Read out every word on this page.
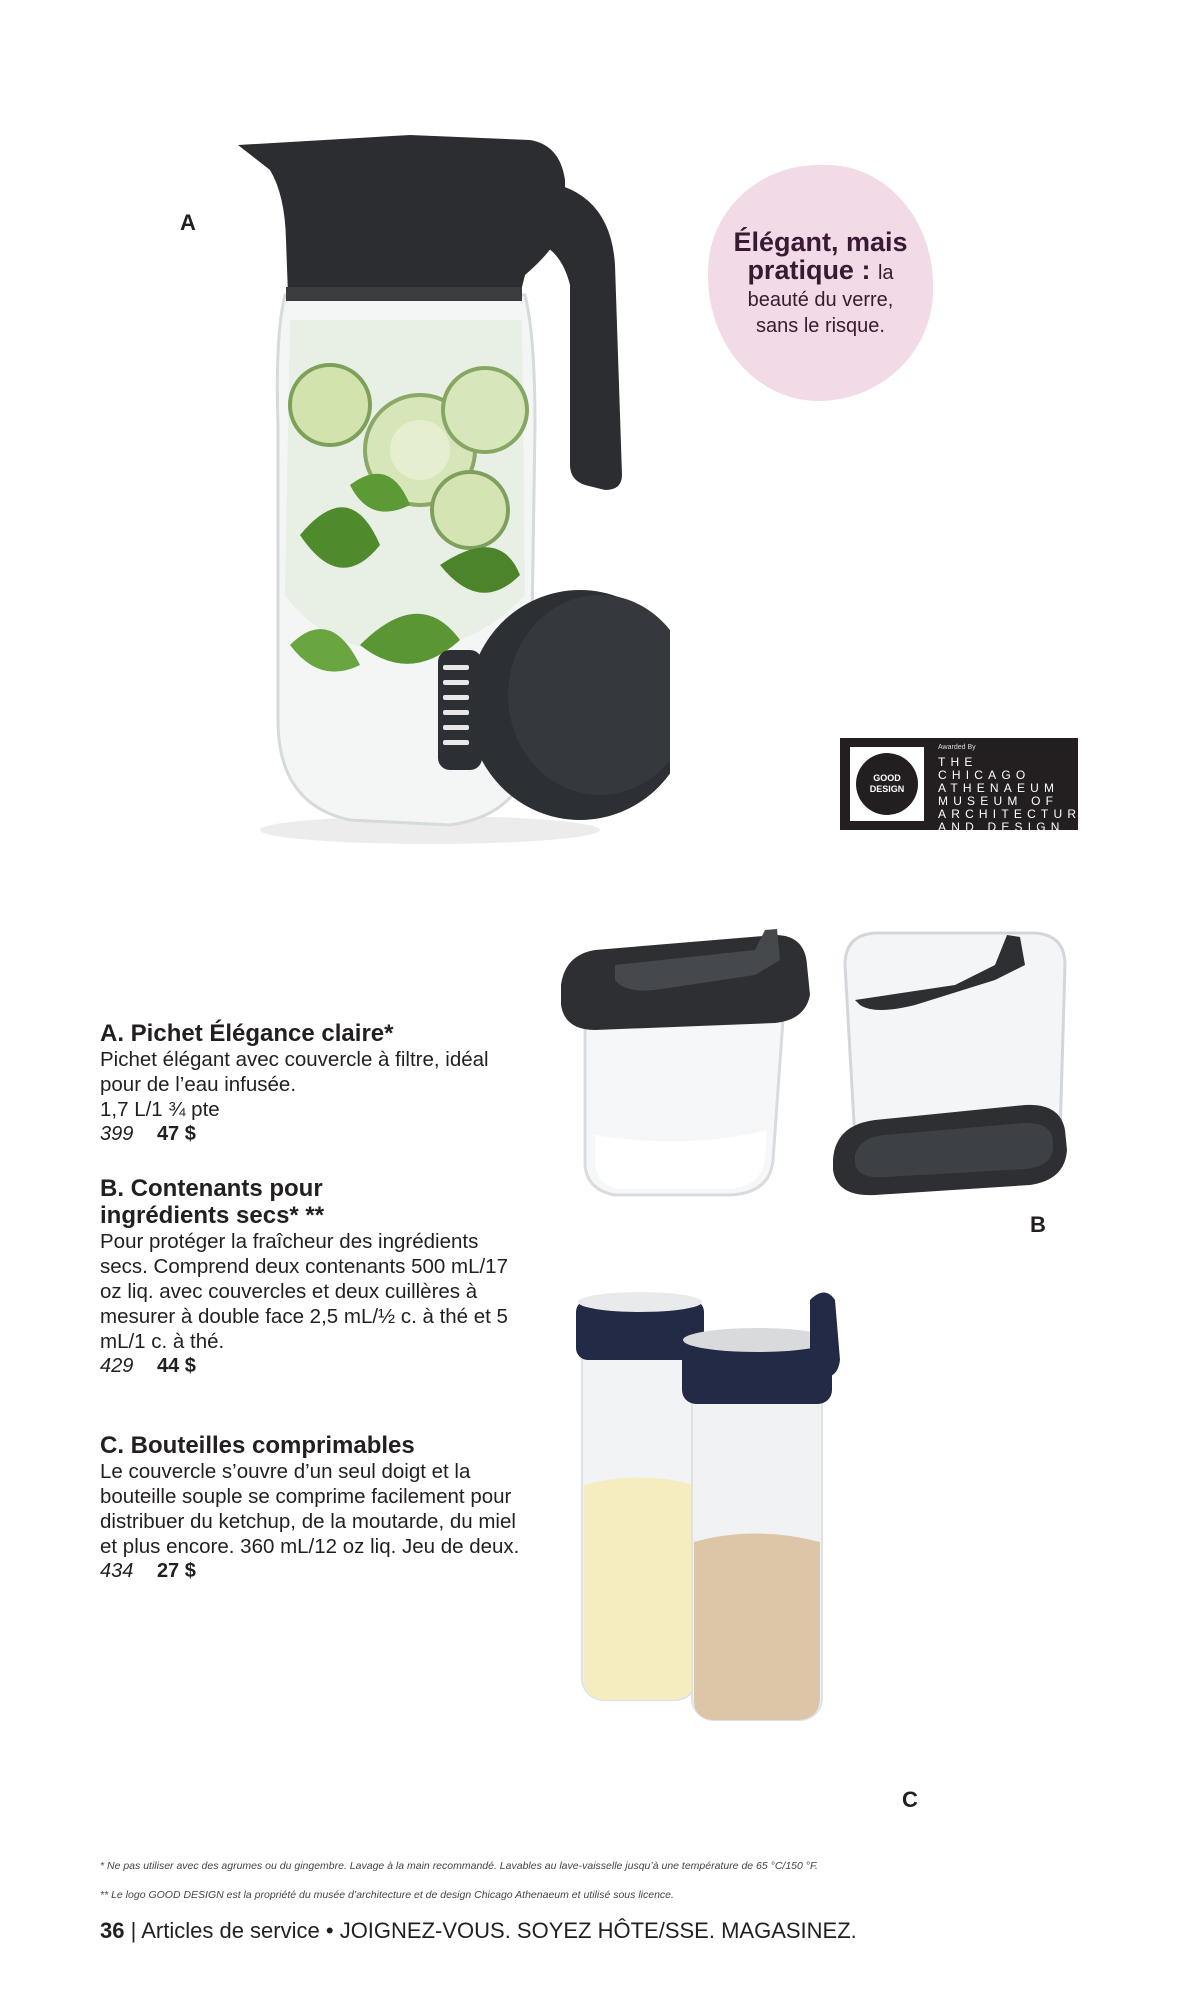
A
Élégant, mais pratique : la
beauté du verre, sans le risque.
GOOD DESIGN
Awarded By
THE CHICAGO ATHENAEUM MUSEUM OF ARCHITECTURE AND DESIGN
B
C
A. Pichet Élégance claire*

Pichet élégant avec couvercle à filtre, idéal pour de l’eau infusée.

1,7 L/1 ¾ pte

399 47 $
B. Contenants pour
ingrédients secs* **

Pour protéger la fraîcheur des ingrédients secs. Comprend deux contenants 500 mL/17 oz liq. avec couvercles et deux cuillères à mesurer à double face 2,5 mL/½ c. à thé et 5 mL/1 c. à thé.

429 44 $
C. Bouteilles comprimables

Le couvercle s’ouvre d’un seul doigt et la bouteille souple se comprime facilement pour distribuer du ketchup, de la moutarde, du miel et plus encore. 360 mL/12 oz liq. Jeu de deux.

434 27 $
* Ne pas utiliser avec des agrumes ou du gingembre. Lavage à la main recommandé. Lavables au lave-vaisselle jusqu’à une température de 65 °C/150 °F.
** Le logo GOOD DESIGN est la propriété du musée d’architecture et de design Chicago Athenaeum et utilisé sous licence.
36 | Articles de service • JOIGNEZ-VOUS. SOYEZ HÔTE/SSE. MAGASINEZ.
